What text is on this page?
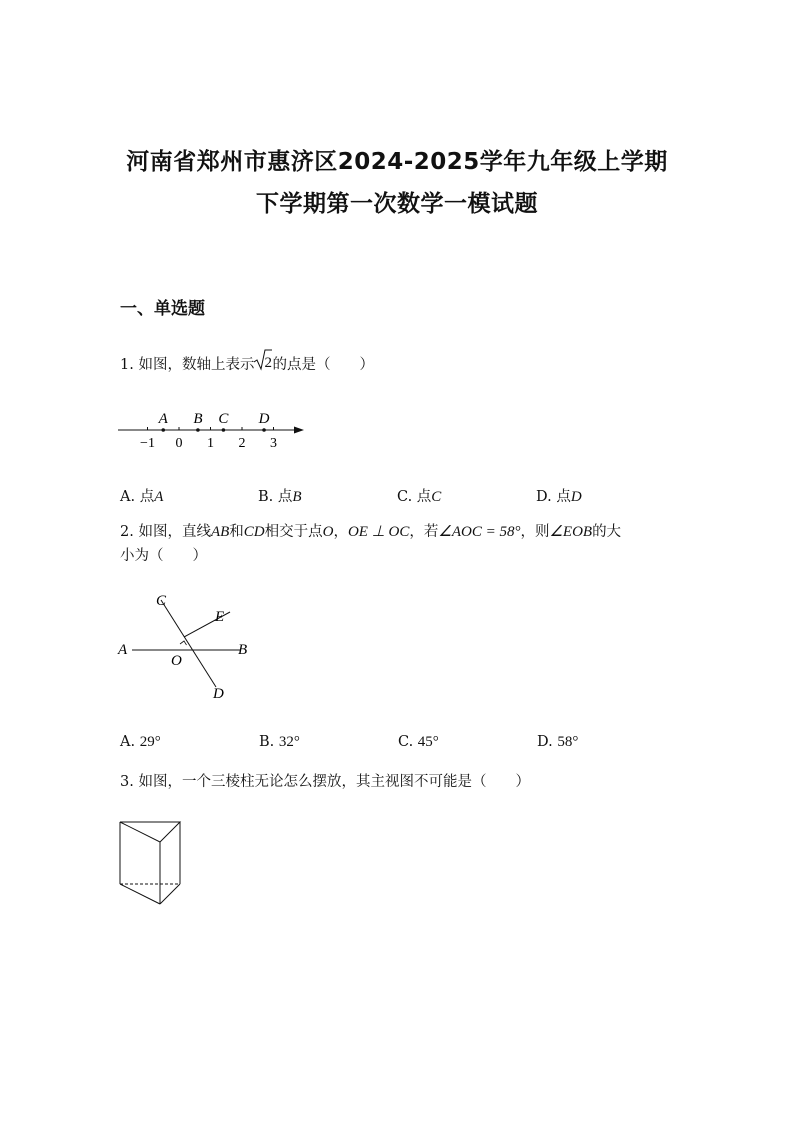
河南省郑州市惠济区2024-2025学年九年级上学期
下学期第一次数学一模试题
一、单选题
1. 如图，数轴上表示 2 的点是（　　）
−1 0 1 2 3
A B C D
A. 点A	B. 点B	C. 点C	D. 点D
2. 如图，直线AB和CD相交于点O，OE ⊥ OC，若∠AOC = 58°，则∠EOB的大
小为（　　）
A	B
C
D
E
O
A. 29°	B. 32°	C. 45°	D. 58°
3. 如图，一个三棱柱无论怎么摆放，其主视图不可能是（　　）
